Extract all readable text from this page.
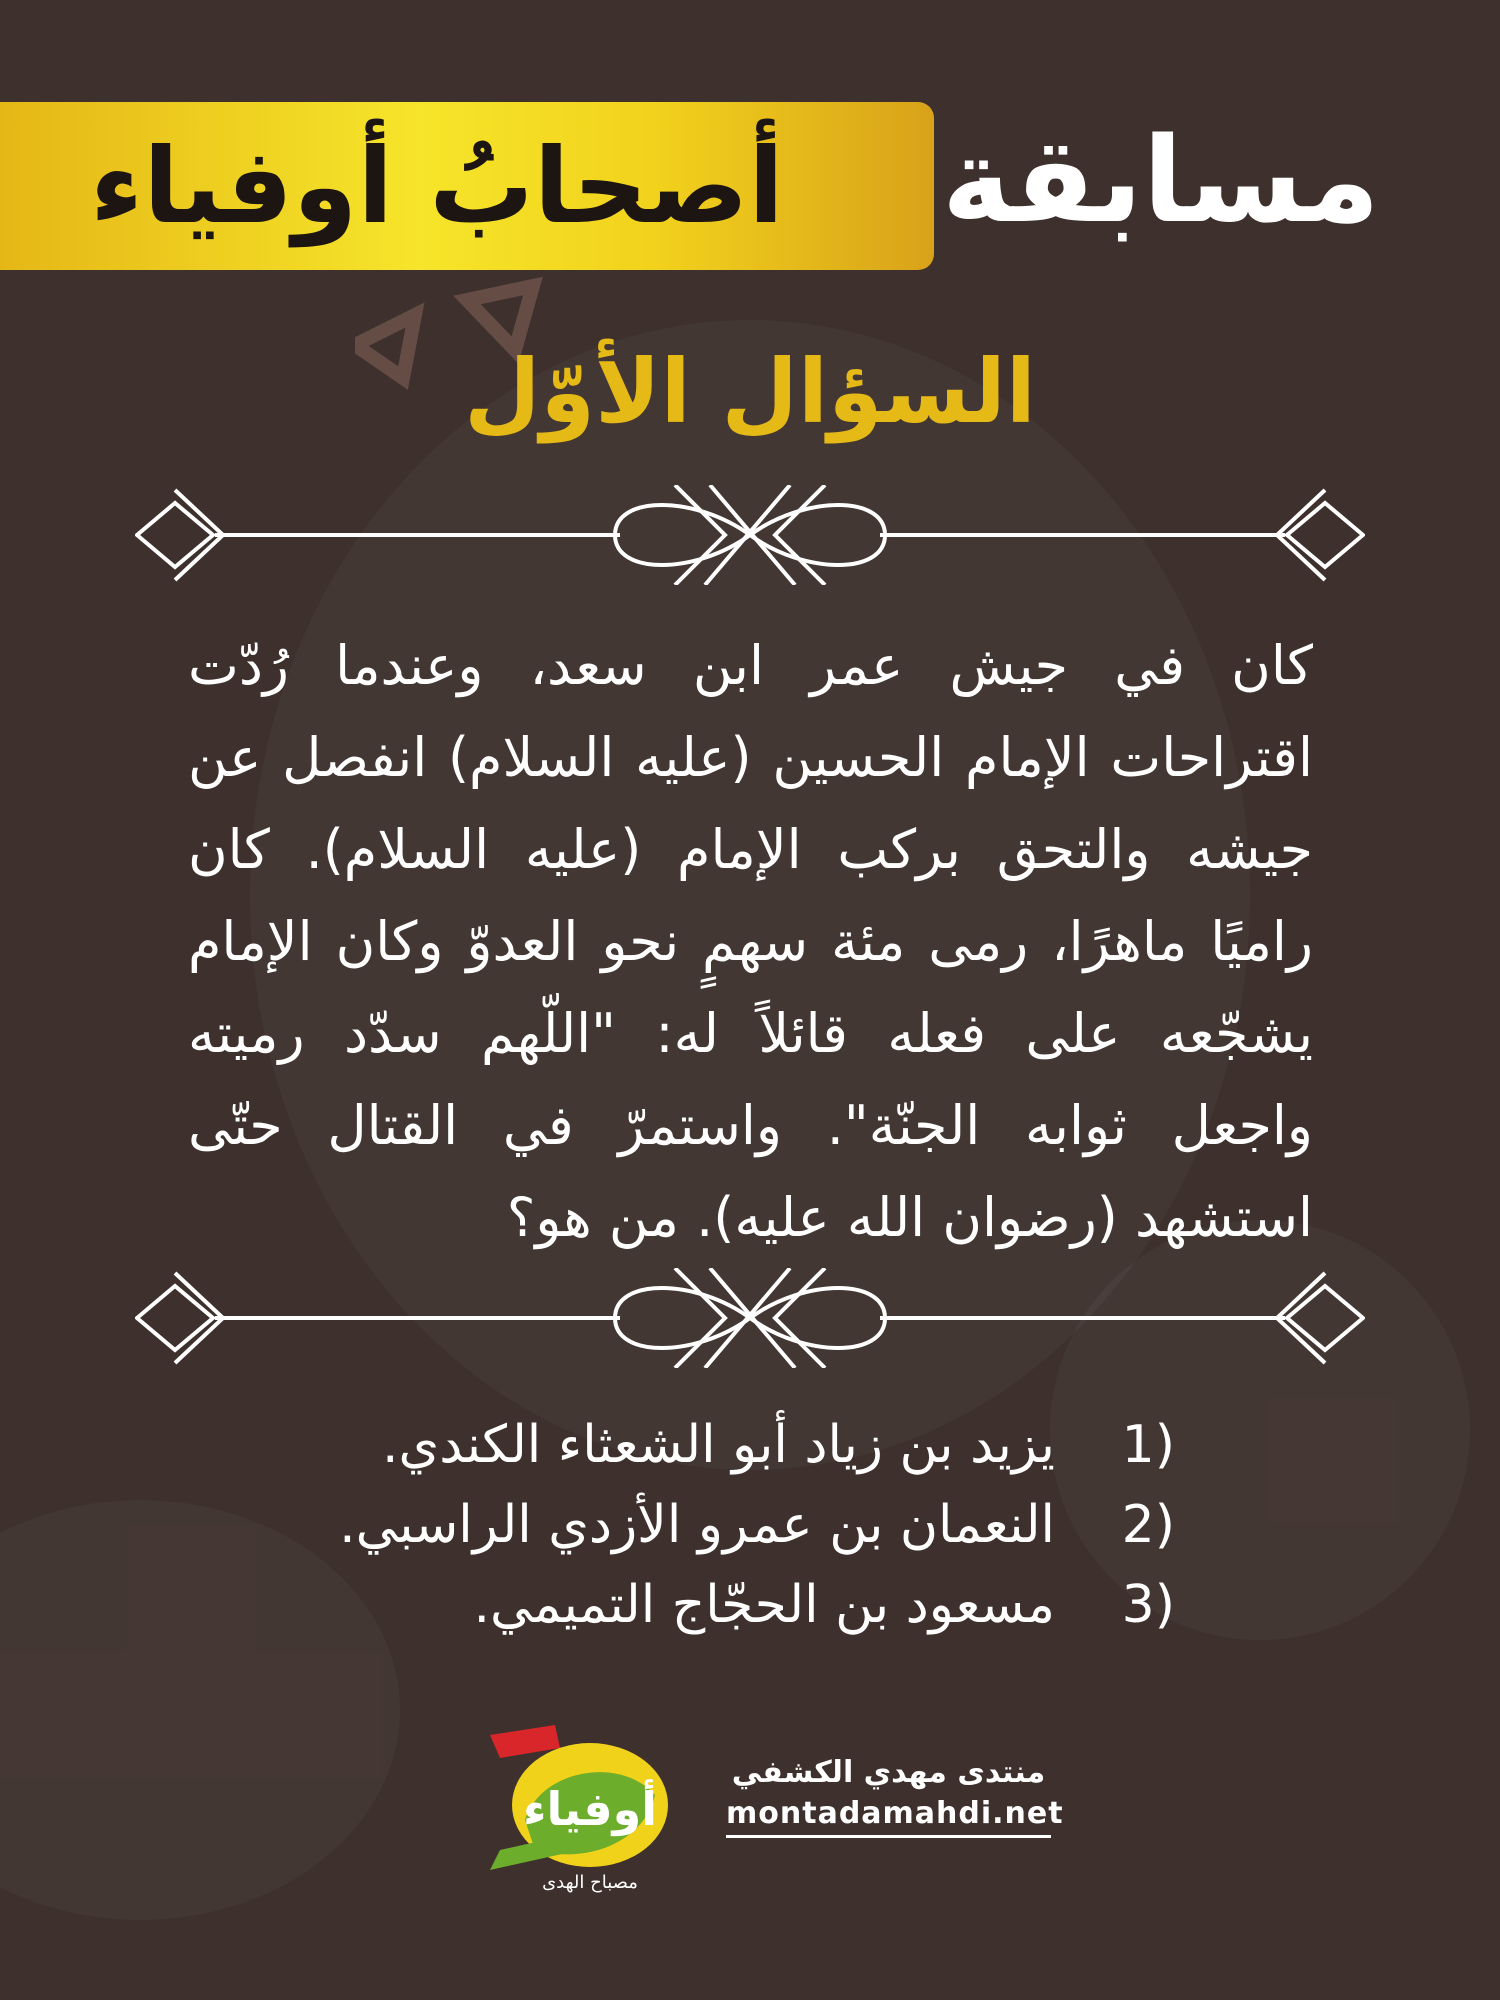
مسابقة
أصحابُ أوفياء
السؤال الأوّل
كان في جيش عمر ابن سعد، وعندما رُدّت اقتراحات الإمام الحسين (عليه السلام) انفصل عن جيشه والتحق بركب الإمام (عليه السلام). كان راميًا ماهرًا، رمى مئة سهمٍ نحو العدوّ وكان الإمام يشجّعه على فعله قائلاً له: "اللّهم سدّد رميته واجعل ثوابه الجنّة". واستمرّ في القتال حتّى استشهد (رضوان الله عليه). من هو؟
1)
يزيد بن زياد أبو الشعثاء الكندي.
2)
النعمان بن عمرو الأزدي الراسبي.
3)
مسعود بن الحجّاج التميمي.
أوفياء
مصباح الهدى
منتدى مهدي الكشفي
montadamahdi.net
